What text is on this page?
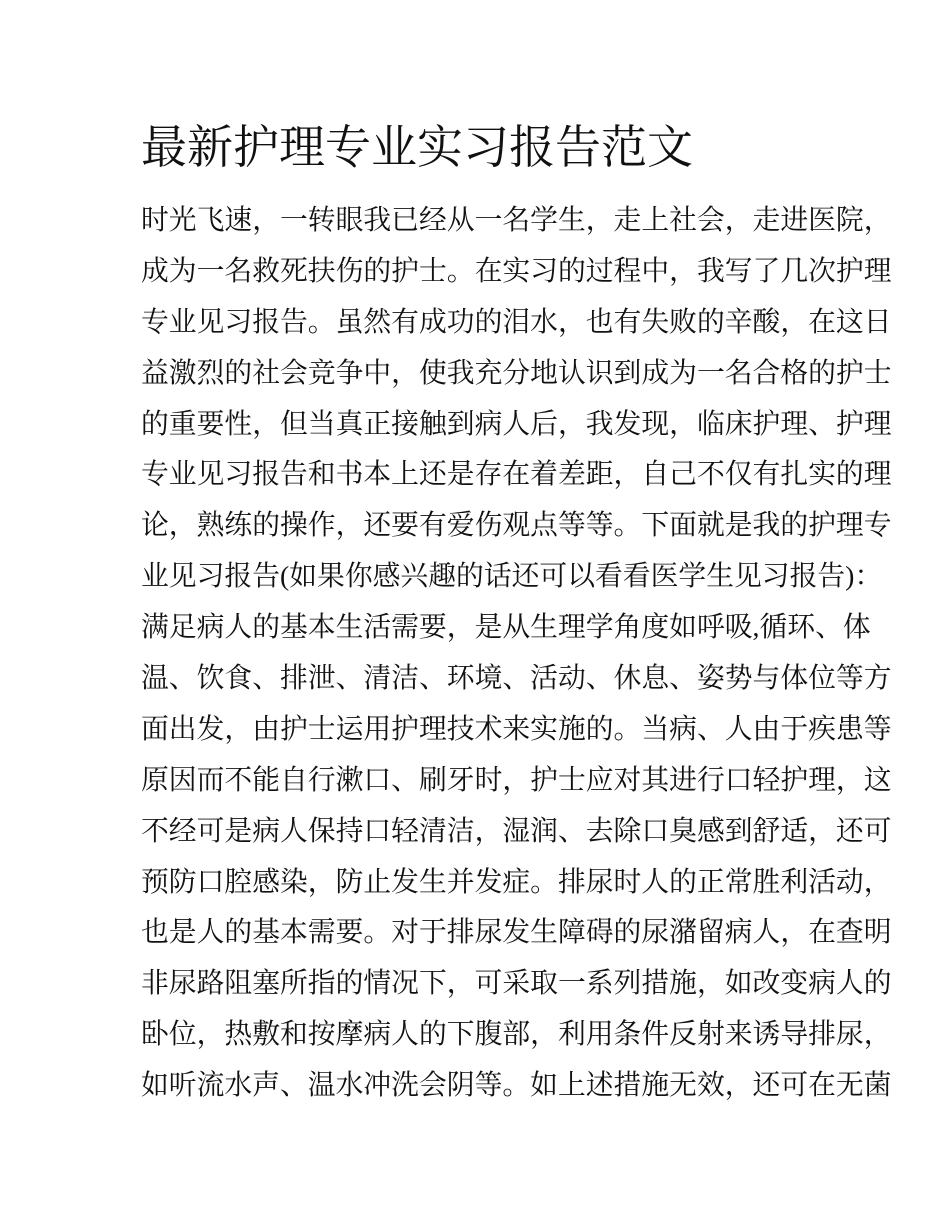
最新护理专业实习报告范文
时光飞速，一转眼我已经从一名学生，走上社会，走进医院，
成为一名救死扶伤的护士。在实习的过程中，我写了几次护理
专业见习报告。虽然有成功的泪水，也有失败的辛酸，在这日
益激烈的社会竞争中，使我充分地认识到成为一名合格的护士
的重要性，但当真正接触到病人后，我发现，临床护理、护理
专业见习报告和书本上还是存在着差距，自己不仅有扎实的理
论，熟练的操作，还要有爱伤观点等等。下面就是我的护理专
业见习报告(如果你感兴趣的话还可以看看医学生见习报告)：
满足病人的基本生活需要，是从生理学角度如呼吸,循环、体
温、饮食、排泄、清洁、环境、活动、休息、姿势与体位等方
面出发，由护士运用护理技术来实施的。当病、人由于疾患等
原因而不能自行漱口、刷牙时，护士应对其进行口轻护理，这
不经可是病人保持口轻清洁，湿润、去除口臭感到舒适，还可
预防口腔感染，防止发生并发症。排尿时人的正常胜利活动，
也是人的基本需要。对于排尿发生障碍的尿潴留病人，在查明
非尿路阻塞所指的情况下，可采取一系列措施，如改变病人的
卧位，热敷和按摩病人的下腹部，利用条件反射来诱导排尿，
如听流水声、温水冲洗会阴等。如上述措施无效，还可在无菌
